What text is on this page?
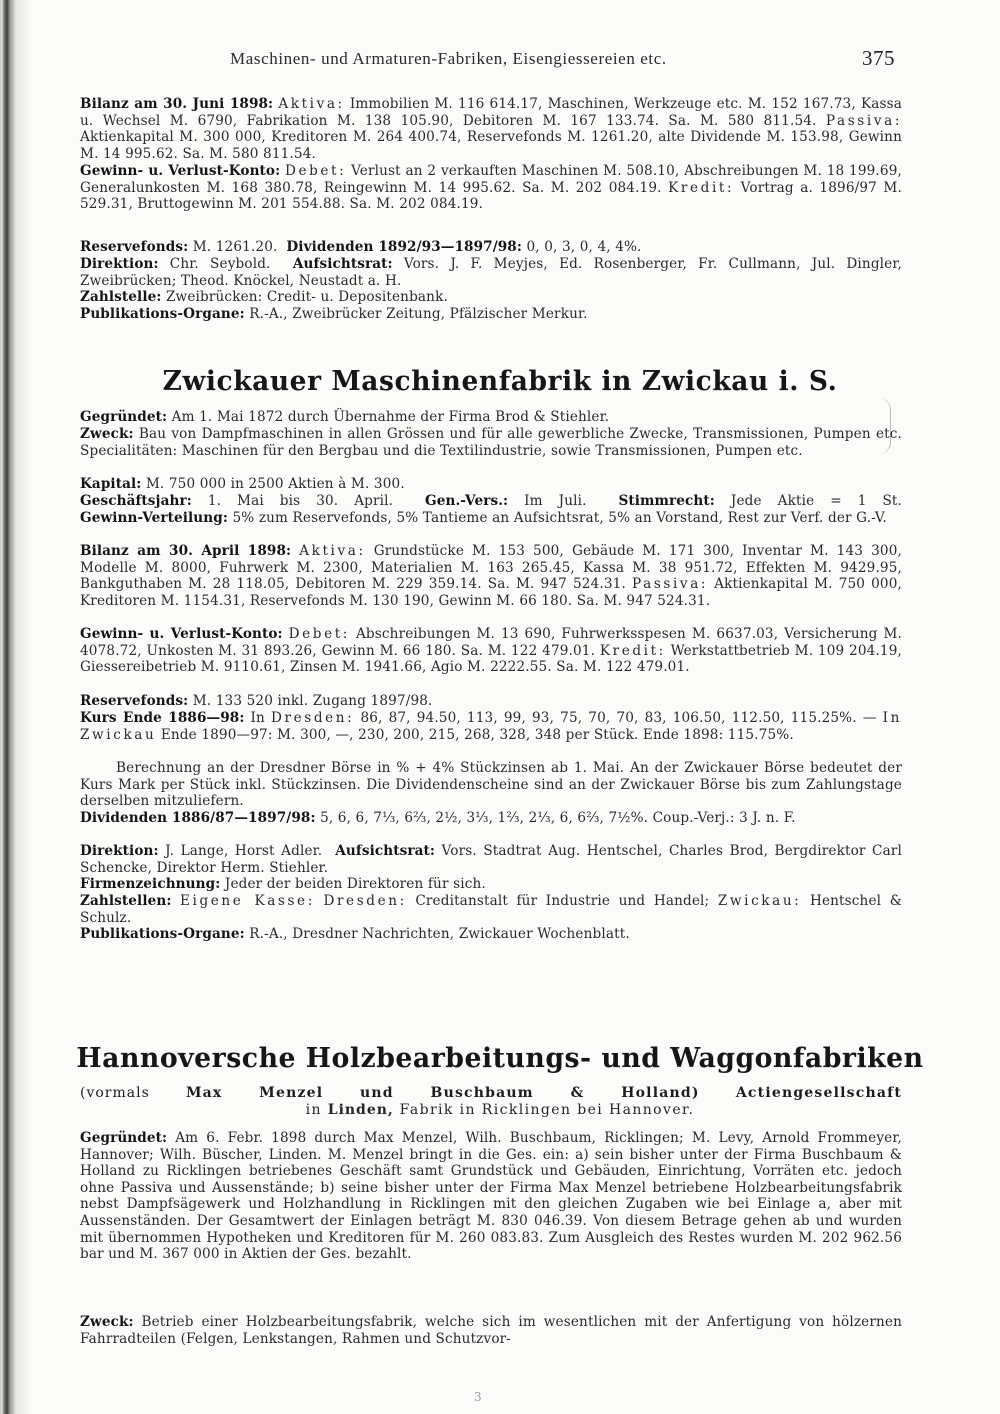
Maschinen- und Armaturen-Fabriken, Eisengiessereien etc.	375

Bilanz am 30. Juni 1898: Aktiva: Immobilien M. 116 614.17, Maschinen, Werkzeuge etc. M. 152 167.73, Kassa u. Wechsel M. 6790, Fabrikation M. 138 105.90, Debitoren M. 167 133.74. Sa. M. 580 811.54. Passiva: Aktienkapital M. 300 000, Kreditoren M. 264 400.74, Reservefonds M. 1261.20, alte Dividende M. 153.98, Gewinn M. 14 995.62. Sa. M. 580 811.54.

Gewinn- u. Verlust-Konto: Debet: Verlust an 2 verkauften Maschinen M. 508.10, Abschreibungen M. 18 199.69, Generalunkosten M. 168 380.78, Reingewinn M. 14 995.62. Sa. M. 202 084.19. Kredit: Vortrag a. 1896/97 M. 529.31, Bruttogewinn M. 201 554.88. Sa. M. 202 084.19.

Reservefonds: M. 1261.20. Dividenden 1892/93—1897/98: 0, 0, 3, 0, 4, 4%.

Direktion: Chr. Seybold. Aufsichtsrat: Vors. J. F. Meyjes, Ed. Rosenberger, Fr. Cullmann, Jul. Dingler, Zweibrücken; Theod. Knöckel, Neustadt a. H.

Zahlstelle: Zweibrücken: Credit- u. Depositenbank.

Publikations-Organe: R.-A., Zweibrücker Zeitung, Pfälzischer Merkur.

Zwickauer Maschinenfabrik in Zwickau i. S.

Gegründet: Am 1. Mai 1872 durch Übernahme der Firma Brod & Stiehler.

Zweck: Bau von Dampfmaschinen in allen Grössen und für alle gewerbliche Zwecke, Transmissionen, Pumpen etc. Specialitäten: Maschinen für den Bergbau und die Textilindustrie, sowie Transmissionen, Pumpen etc.

Kapital: M. 750 000 in 2500 Aktien à M. 300.

Geschäftsjahr: 1. Mai bis 30. April. Gen.-Vers.: Im Juli. Stimmrecht: Jede Aktie = 1 St.

Gewinn-Verteilung: 5% zum Reservefonds, 5% Tantieme an Aufsichtsrat, 5% an Vorstand, Rest zur Verf. der G.-V.

Bilanz am 30. April 1898: Aktiva: Grundstücke M. 153 500, Gebäude M. 171 300, Inventar M. 143 300, Modelle M. 8000, Fuhrwerk M. 2300, Materialien M. 163 265.45, Kassa M. 38 951.72, Effekten M. 9429.95, Bankguthaben M. 28 118.05, Debitoren M. 229 359.14. Sa. M. 947 524.31. Passiva: Aktienkapital M. 750 000, Kreditoren M. 1154.31, Reservefonds M. 130 190, Gewinn M. 66 180. Sa. M. 947 524.31.

Gewinn- u. Verlust-Konto: Debet: Abschreibungen M. 13 690, Fuhrwerksspesen M. 6637.03, Versicherung M. 4078.72, Unkosten M. 31 893.26, Gewinn M. 66 180. Sa. M. 122 479.01. Kredit: Werkstattbetrieb M. 109 204.19, Giessereibetrieb M. 9110.61, Zinsen M. 1941.66, Agio M. 2222.55. Sa. M. 122 479.01.

Reservefonds: M. 133 520 inkl. Zugang 1897/98.

Kurs Ende 1886—98: In Dresden: 86, 87, 94.50, 113, 99, 93, 75, 70, 70, 83, 106.50, 112.50, 115.25%. — In Zwickau Ende 1890—97: M. 300, —, 230, 200, 215, 268, 328, 348 per Stück. Ende 1898: 115.75%.

Berechnung an der Dresdner Börse in % + 4% Stückzinsen ab 1. Mai. An der Zwickauer Börse bedeutet der Kurs Mark per Stück inkl. Stückzinsen. Die Dividendenscheine sind an der Zwickauer Börse bis zum Zahlungstage derselben mitzuliefern.

Dividenden 1886/87—1897/98: 5, 6, 6, 7⅓, 6⅔, 2½, 3⅓, 1⅔, 2⅓, 6, 6⅔, 7½%. Coup.-Verj.: 3 J. n. F.

Direktion: J. Lange, Horst Adler. Aufsichtsrat: Vors. Stadtrat Aug. Hentschel, Charles Brod, Bergdirektor Carl Schencke, Direktor Herm. Stiehler.

Firmenzeichnung: Jeder der beiden Direktoren für sich.

Zahlstellen: Eigene Kasse: Dresden: Creditanstalt für Industrie und Handel; Zwickau: Hentschel & Schulz.

Publikations-Organe: R.-A., Dresdner Nachrichten, Zwickauer Wochenblatt.

Hannoversche Holzbearbeitungs- und Waggonfabriken

(vormals	Max Menzel und Buschbaum & Holland)	Actiengesellschaft

in Linden, Fabrik in Ricklingen bei Hannover.

Gegründet: Am 6. Febr. 1898 durch Max Menzel, Wilh. Buschbaum, Ricklingen; M. Levy, Arnold Frommeyer, Hannover; Wilh. Büscher, Linden. M. Menzel bringt in die Ges. ein: a) sein bisher unter der Firma Buschbaum & Holland zu Ricklingen betriebenes Geschäft samt Grundstück und Gebäuden, Einrichtung, Vorräten etc. jedoch ohne Passiva und Aussenstände; b) seine bisher unter der Firma Max Menzel betriebene Holzbearbeitungsfabrik nebst Dampfsägewerk und Holzhandlung in Ricklingen mit den gleichen Zugaben wie bei Einlage a, aber mit Aussenständen. Der Gesamtwert der Einlagen beträgt M. 830 046.39. Von diesem Betrage gehen ab und wurden mit übernommen Hypotheken und Kreditoren für M. 260 083.83. Zum Ausgleich des Restes wurden M. 202 962.56 bar und M. 367 000 in Aktien der Ges. bezahlt.

Zweck: Betrieb einer Holzbearbeitungsfabrik, welche sich im wesentlichen mit der Anfertigung von hölzernen Fahrradteilen (Felgen, Lenkstangen, Rahmen und Schutzvor-

3
